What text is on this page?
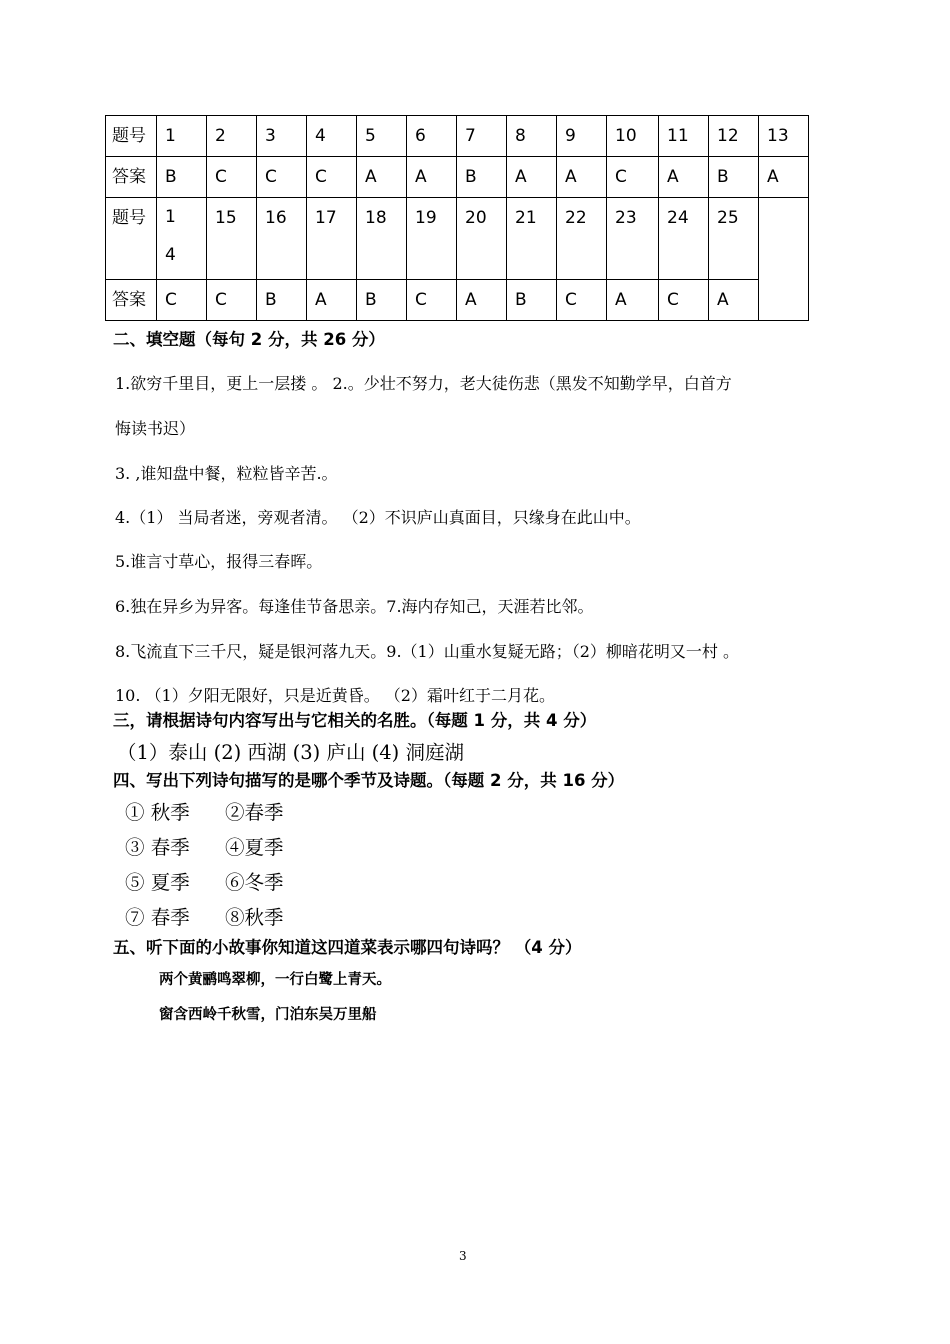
题号	1	2	3	4	5	6	7	8	9	10	11	12	13
答案	B	C	C	C	A	A	B	A	A	C	A	B	A
题号	14	15	16	17	18	19	20	21	22	23	24	25	
答案	C	C	B	A	B	C	A	B	C	A	C	A	
二、填空题（每句 2 分，共 26 分）
1.欲穷千里目，更上一层搂 。 2.。少壮不努力，老大徒伤悲（黑发不知勤学早，白首方
悔读书迟）
3. ,谁知盘中餐，粒粒皆辛苦.。
4.（1） 当局者迷，旁观者清。 （2）不识庐山真面目，只缘身在此山中。
5.谁言寸草心，报得三春晖。
6.独在异乡为异客。每逢佳节备思亲。7.海内存知己，天涯若比邻。
8.飞流直下三千尺，疑是银河落九天。9.（1）山重水复疑无路；（2）柳暗花明又一村 。
10. （1）夕阳无限好，只是近黄昏。 （2）霜叶红于二月花。
三，请根据诗句内容写出与它相关的名胜。（每题 1 分，共 4 分）
（1）泰山 (2) 西湖 (3) 庐山 (4) 洞庭湖
四、写出下列诗句描写的是哪个季节及诗题。（每题 2 分，共 16 分）
① 秋季 ②春季
③ 春季 ④夏季
⑤ 夏季 ⑥冬季
⑦ 春季 ⑧秋季
五、听下面的小故事你知道这四道菜表示哪四句诗吗？ （4 分）
两个黄鹂鸣翠柳，一行白鹭上青天。
窗含西岭千秋雪，门泊东吴万里船
3
